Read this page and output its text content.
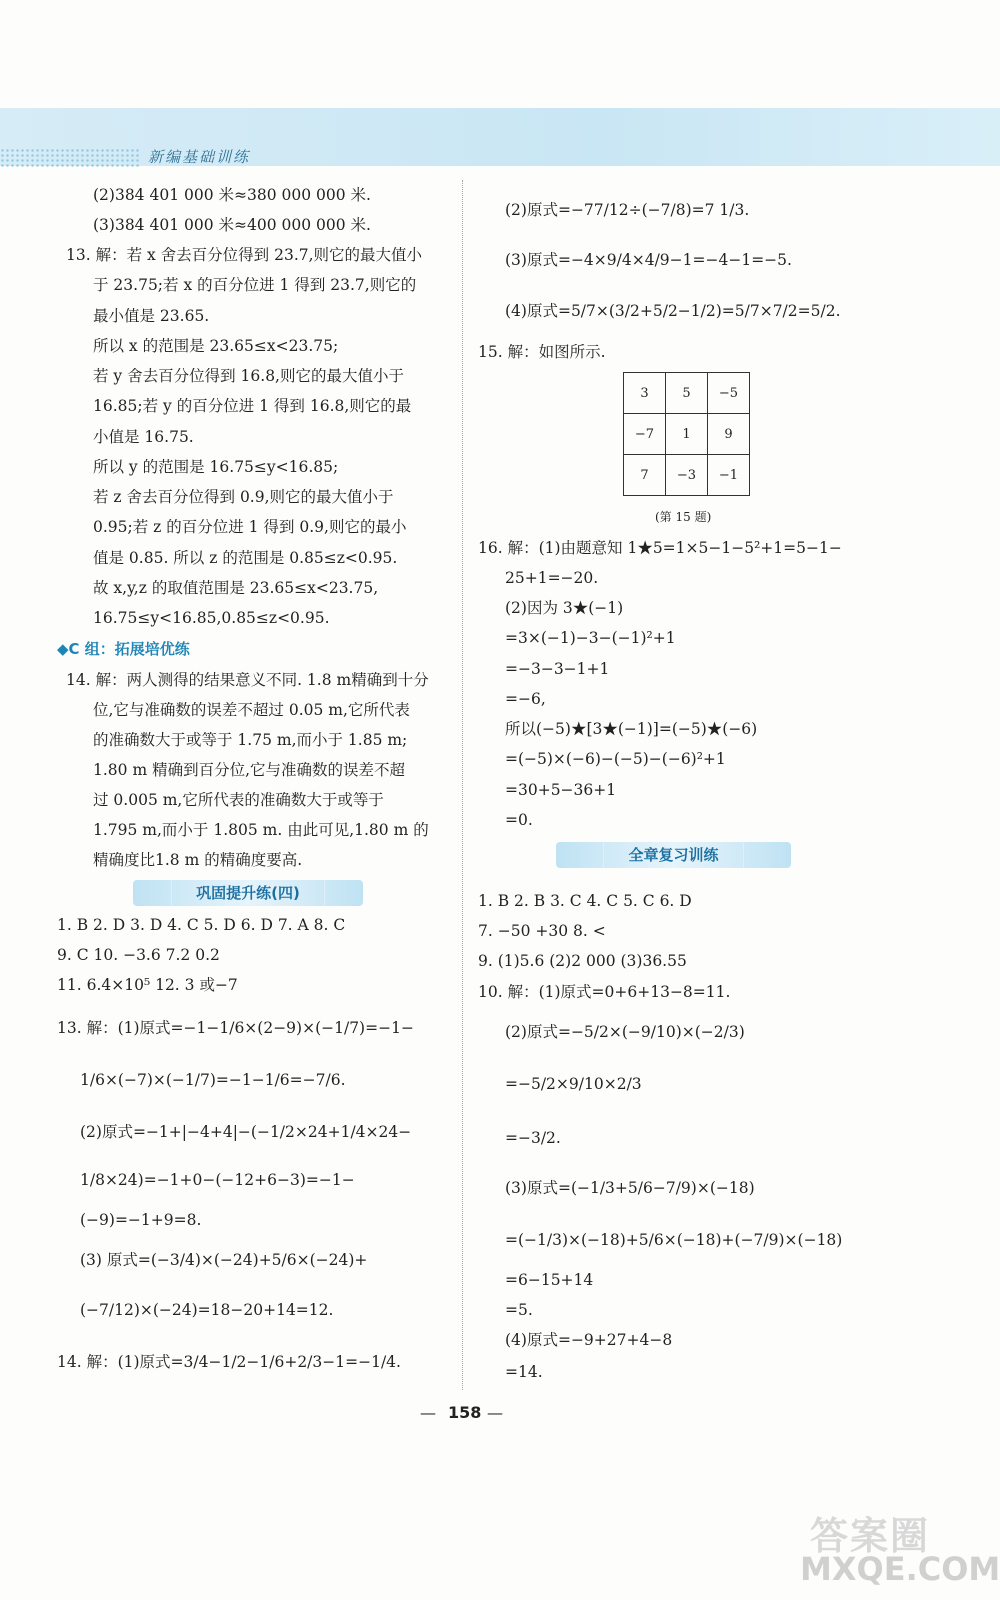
新编基础训练
(2)384 401 000 米≈380 000 000 米.
(3)384 401 000 米≈400 000 000 米.
13. 解：若 x 舍去百分位得到 23.7,则它的最大值小
于 23.75;若 x 的百分位进 1 得到 23.7,则它的
最小值是 23.65.
所以 x 的范围是 23.65≤x<23.75;
若 y 舍去百分位得到 16.8,则它的最大值小于
16.85;若 y 的百分位进 1 得到 16.8,则它的最
小值是 16.75.
所以 y 的范围是 16.75≤y<16.85;
若 z 舍去百分位得到 0.9,则它的最大值小于
0.95;若 z 的百分位进 1 得到 0.9,则它的最小
值是 0.85. 所以 z 的范围是 0.85≤z<0.95.
故 x,y,z 的取值范围是 23.65≤x<23.75,
16.75≤y<16.85,0.85≤z<0.95.
14. 解：两人测得的结果意义不同. 1.8 m精确到十分
位,它与准确数的误差不超过 0.05 m,它所代表
的准确数大于或等于 1.75 m,而小于 1.85 m;
1.80 m 精确到百分位,它与准确数的误差不超
过 0.005 m,它所代表的准确数大于或等于
1.795 m,而小于 1.805 m. 由此可见,1.80 m 的
精确度比1.8 m 的精确度要高.
1. B 2. D 3. D 4. C 5. D 6. D 7. A 8. C
9. C 10. −3.6 7.2 0.2
11. 6.4×10⁵ 12. 3 或−7
13. 解：(1)原式=−1−1/6×(2−9)×(−1/7)=−1−
1/6×(−7)×(−1/7)=−1−1/6=−7/6.
(2)原式=−1+|−4+4|−(−1/2×24+1/4×24−
1/8×24)=−1+0−(−12+6−3)=−1−
(−9)=−1+9=8.
(3) 原式=(−3/4)×(−24)+5/6×(−24)+
(−7/12)×(−24)=18−20+14=12.
14. 解：(1)原式=3/4−1/2−1/6+2/3−1=−1/4.
◆C 组：拓展培优练
巩固提升练(四)
(2)原式=−77/12÷(−7/8)=7 1/3.
(3)原式=−4×9/4×4/9−1=−4−1=−5.
(4)原式=5/7×(3/2+5/2−1/2)=5/7×7/2=5/2.
15. 解：如图所示.
16. 解：(1)由题意知 1★5=1×5−1−5²+1=5−1−
25+1=−20.
(2)因为 3★(−1)
=3×(−1)−3−(−1)²+1
=−3−3−1+1
=−6,
所以(−5)★[3★(−1)]=(−5)★(−6)
=(−5)×(−6)−(−5)−(−6)²+1
=30+5−36+1
=0.
1. B 2. B 3. C 4. C 5. C 6. D
7. −50 +30 8. <
9. (1)5.6 (2)2 000 (3)36.55
10. 解：(1)原式=0+6+13−8=11.
(2)原式=−5/2×(−9/10)×(−2/3)
=−5/2×9/10×2/3
=−3/2.
(3)原式=(−1/3+5/6−7/9)×(−18)
=(−1/3)×(−18)+5/6×(−18)+(−7/9)×(−18)
=6−15+14
=5.
(4)原式=−9+27+4−8
=14.
全章复习训练
3	5	−5
−7	1	9
7	−3	−1
(第 15 题)
— 158 —
答案圈
MXQE.COM
